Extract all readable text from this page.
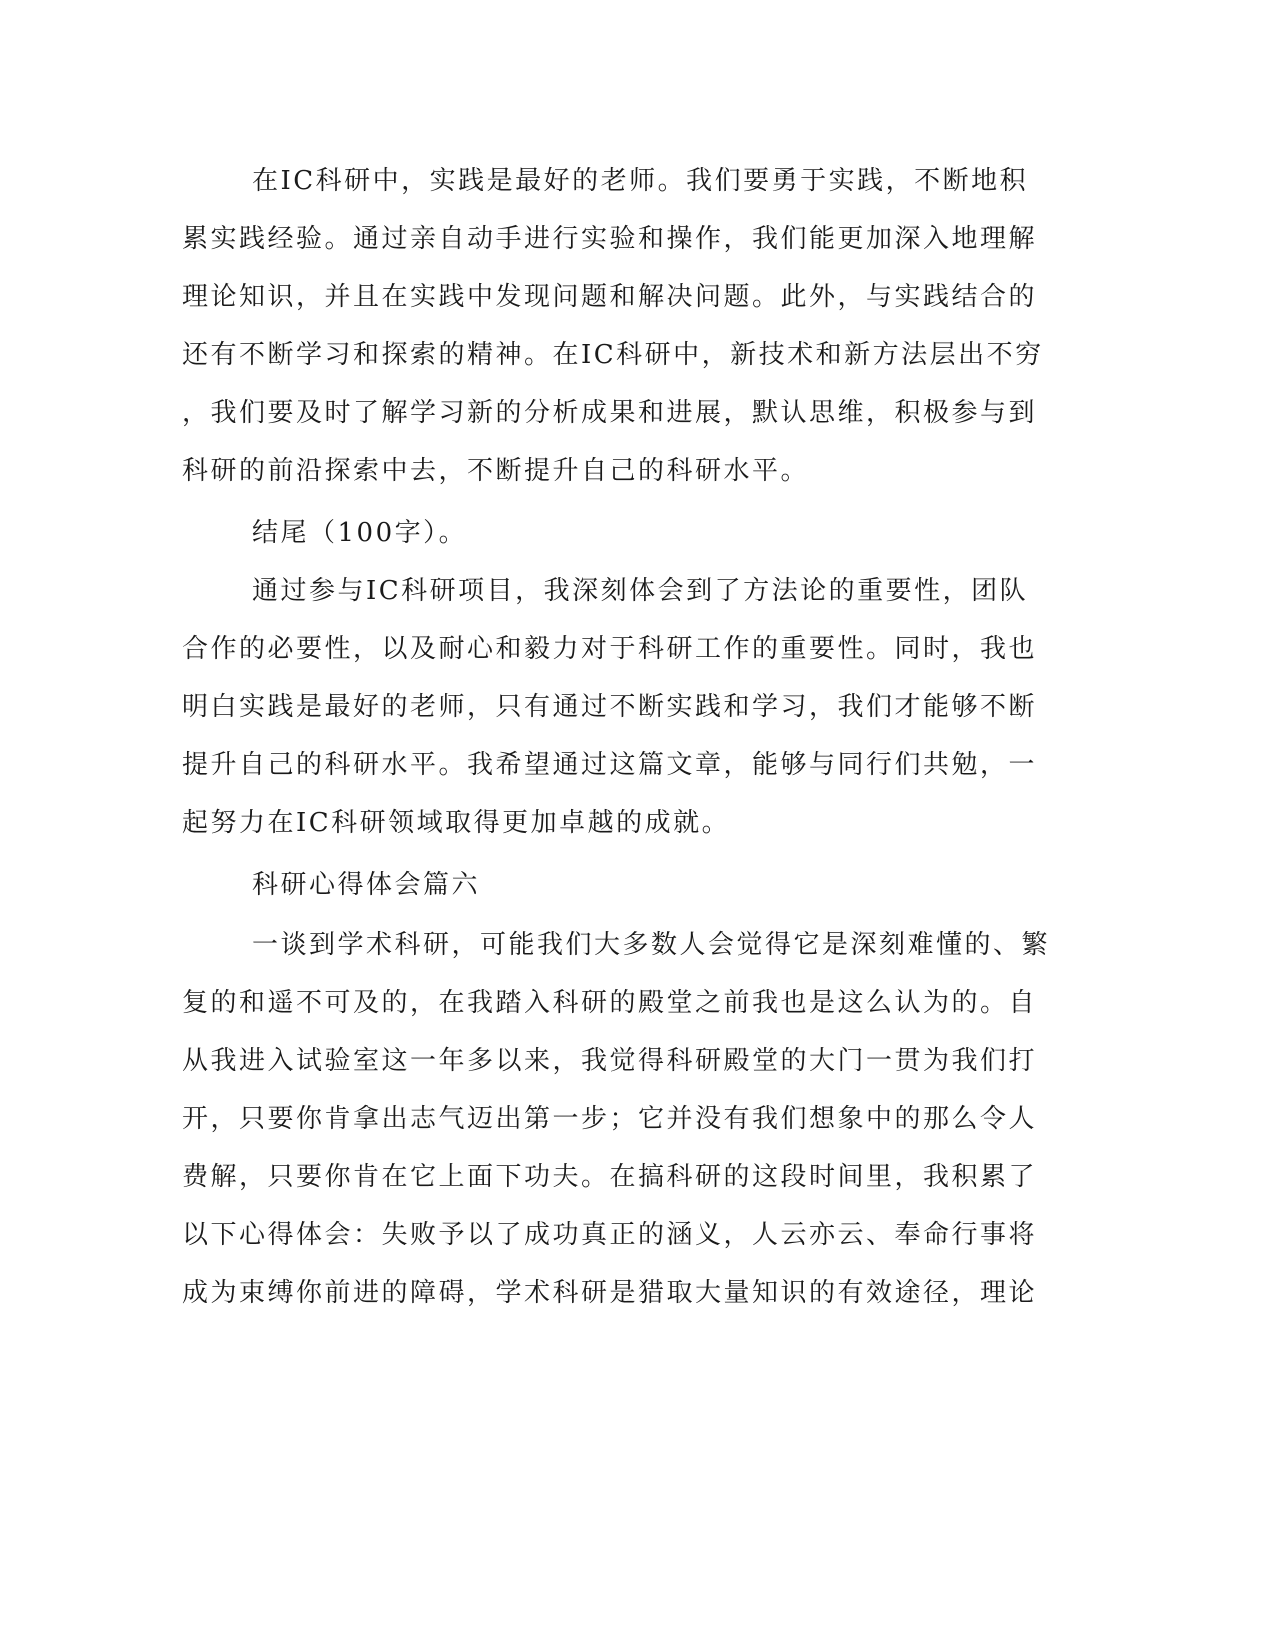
在IC科研中，实践是最好的老师。我们要勇于实践，不断地积
累实践经验。通过亲自动手进行实验和操作，我们能更加深入地理解
理论知识，并且在实践中发现问题和解决问题。此外，与实践结合的
还有不断学习和探索的精神。在IC科研中，新技术和新方法层出不穷
，我们要及时了解学习新的分析成果和进展，默认思维，积极参与到
科研的前沿探索中去，不断提升自己的科研水平。
结尾（100字）。
通过参与IC科研项目，我深刻体会到了方法论的重要性，团队
合作的必要性，以及耐心和毅力对于科研工作的重要性。同时，我也
明白实践是最好的老师，只有通过不断实践和学习，我们才能够不断
提升自己的科研水平。我希望通过这篇文章，能够与同行们共勉，一
起努力在IC科研领域取得更加卓越的成就。
科研心得体会篇六
一谈到学术科研，可能我们大多数人会觉得它是深刻难懂的、繁
复的和遥不可及的，在我踏入科研的殿堂之前我也是这么认为的。自
从我进入试验室这一年多以来，我觉得科研殿堂的大门一贯为我们打
开，只要你肯拿出志气迈出第一步；它并没有我们想象中的那么令人
费解，只要你肯在它上面下功夫。在搞科研的这段时间里，我积累了
以下心得体会：失败予以了成功真正的涵义，人云亦云、奉命行事将
成为束缚你前进的障碍，学术科研是猎取大量知识的有效途径，理论
